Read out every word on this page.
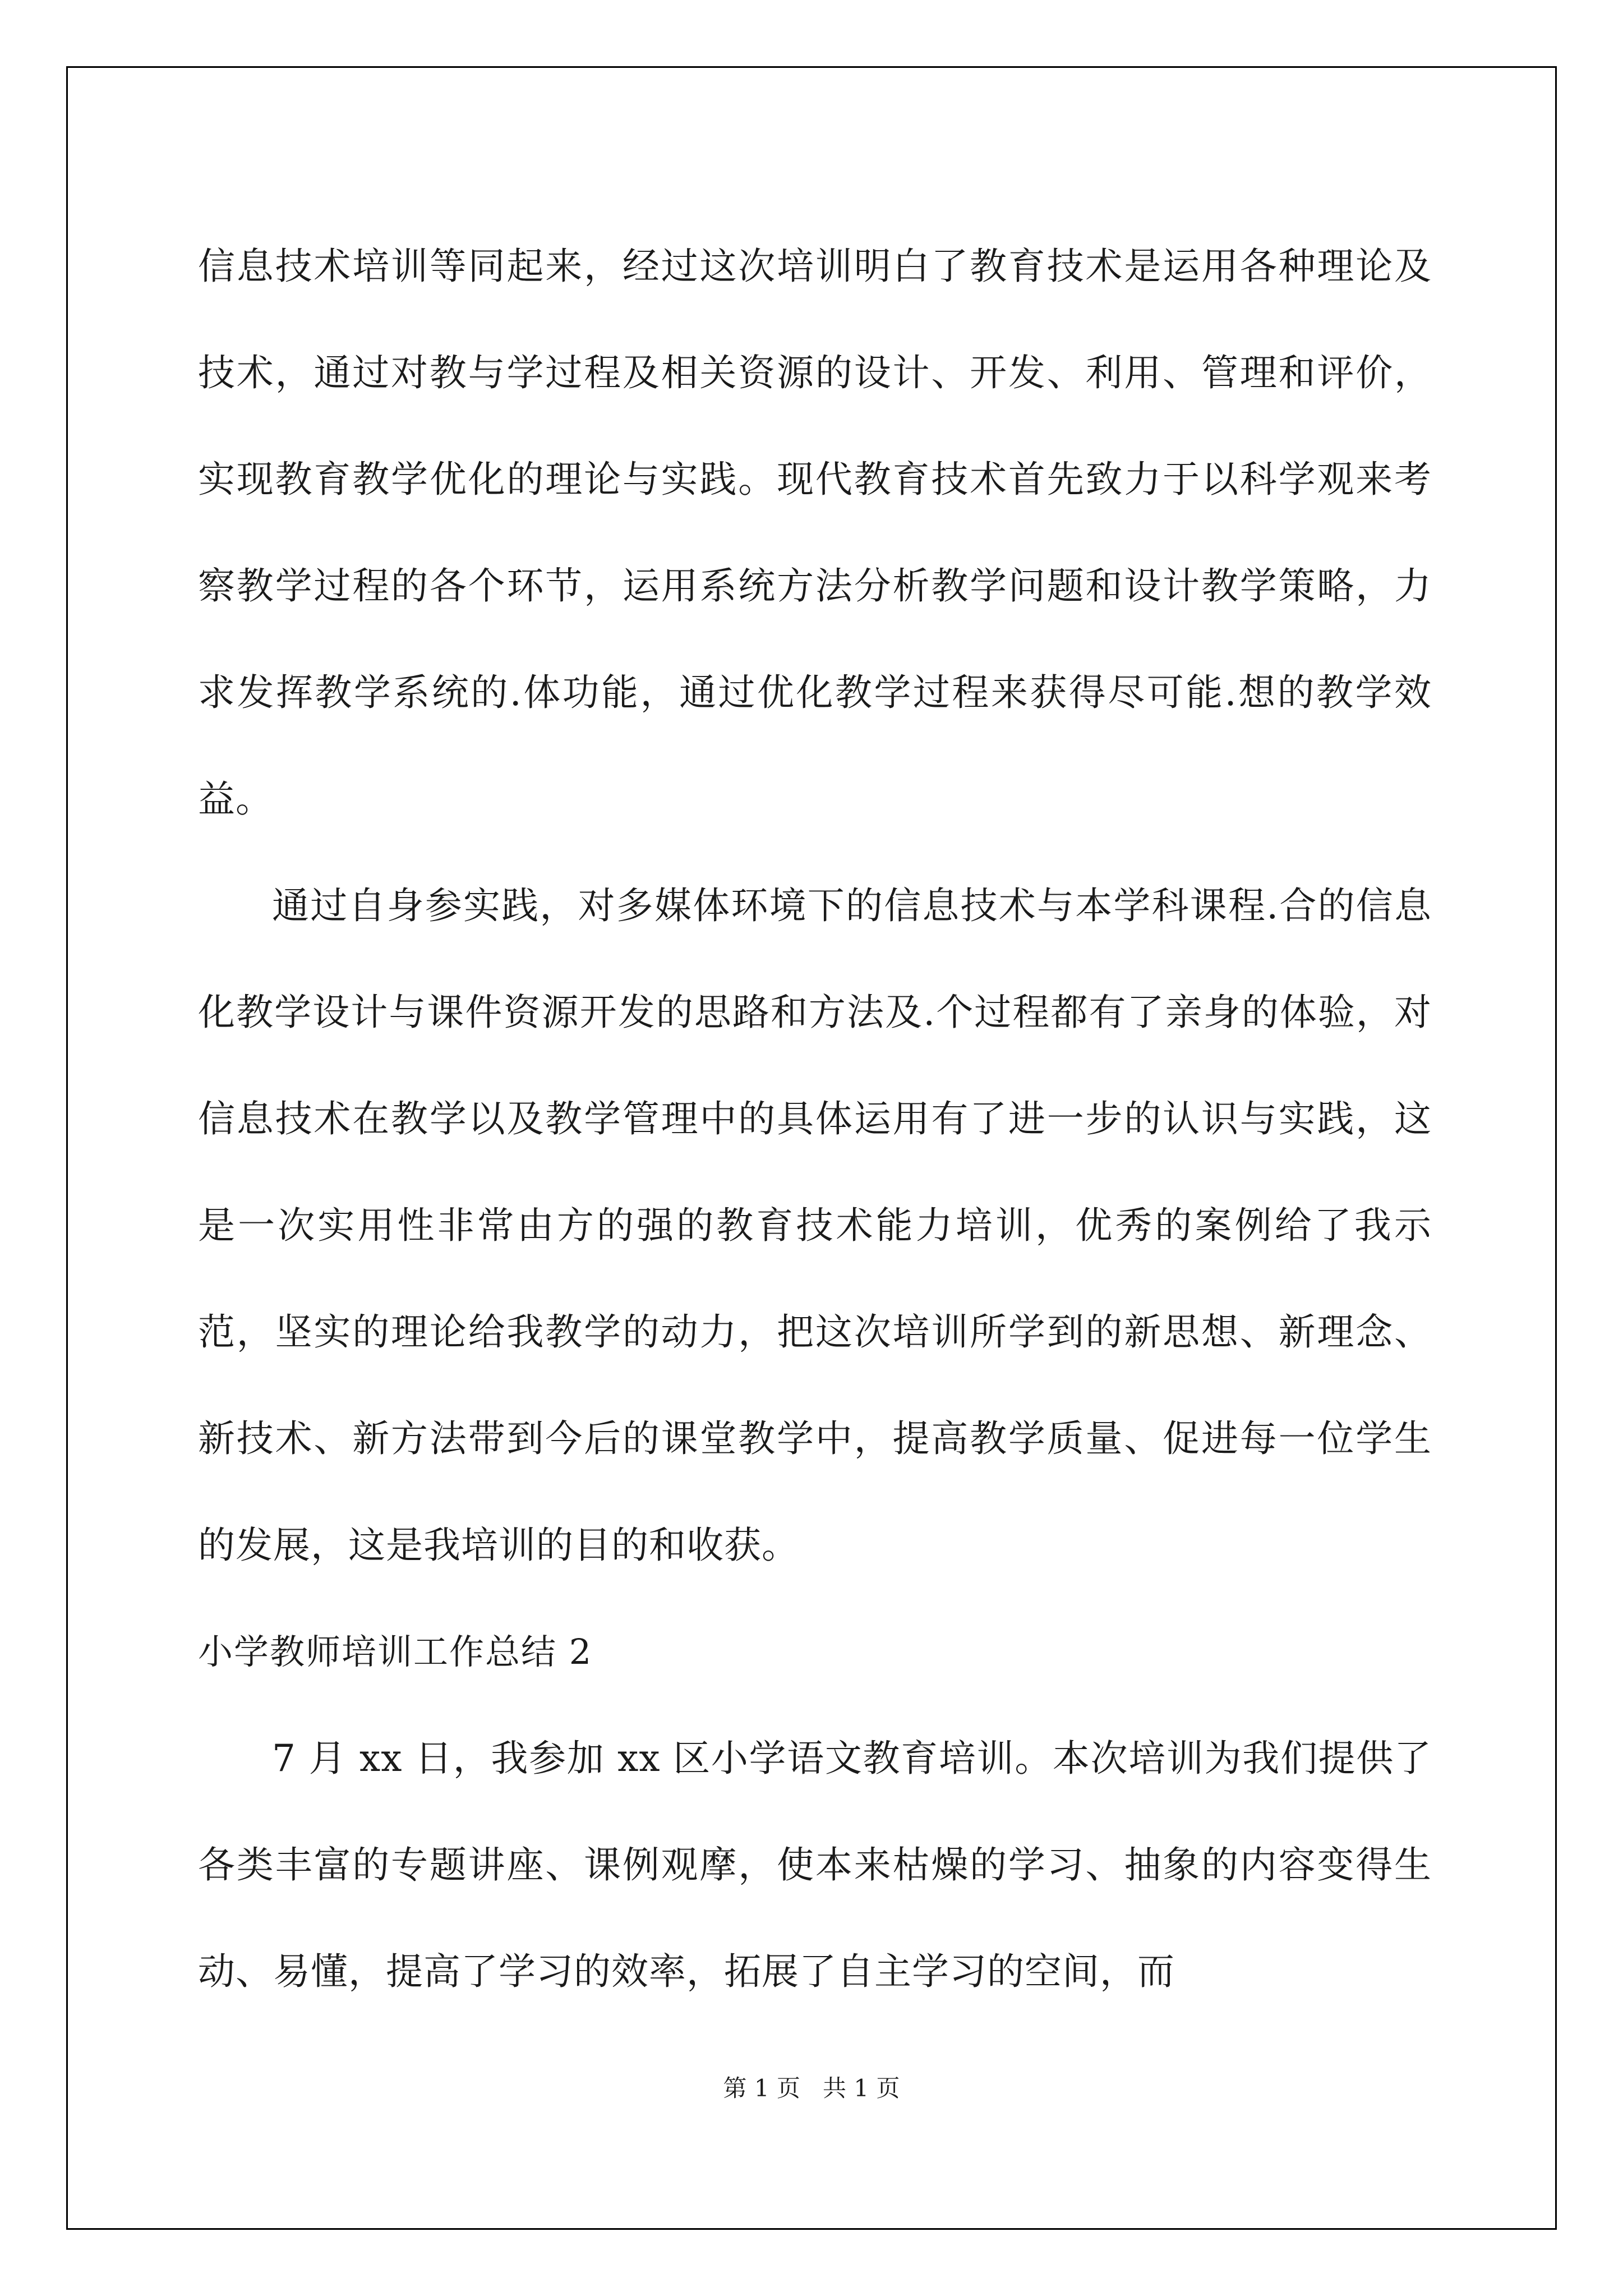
信息技术培训等同起来，经过这次培训明白了教育技术是运用各种理论及技术，通过对教与学过程及相关资源的设计、开发、利用、管理和评价，实现教育教学优化的理论与实践。现代教育技术首先致力于以科学观来考察教学过程的各个环节，运用系统方法分析教学问题和设计教学策略，力求发挥教学系统的.体功能，通过优化教学过程来获得尽可能.想的教学效益。

通过自身参实践，对多媒体环境下的信息技术与本学科课程.合的信息化教学设计与课件资源开发的思路和方法及.个过程都有了亲身的体验，对信息技术在教学以及教学管理中的具体运用有了进一步的认识与实践，这是一次实用性非常由方的强的教育技术能力培训，优秀的案例给了我示范，坚实的理论给我教学的动力，把这次培训所学到的新思想、新理念、新技术、新方法带到今后的课堂教学中，提高教学质量、促进每一位学生的发展，这是我培训的目的和收获。

小学教师培训工作总结 2

7 月 xx 日，我参加 xx 区小学语文教育培训。本次培训为我们提供了各类丰富的专题讲座、课例观摩，使本来枯燥的学习、抽象的内容变得生动、易懂，提高了学习的效率，拓展了自主学习的空间，而

第 1 页 共 1 页
